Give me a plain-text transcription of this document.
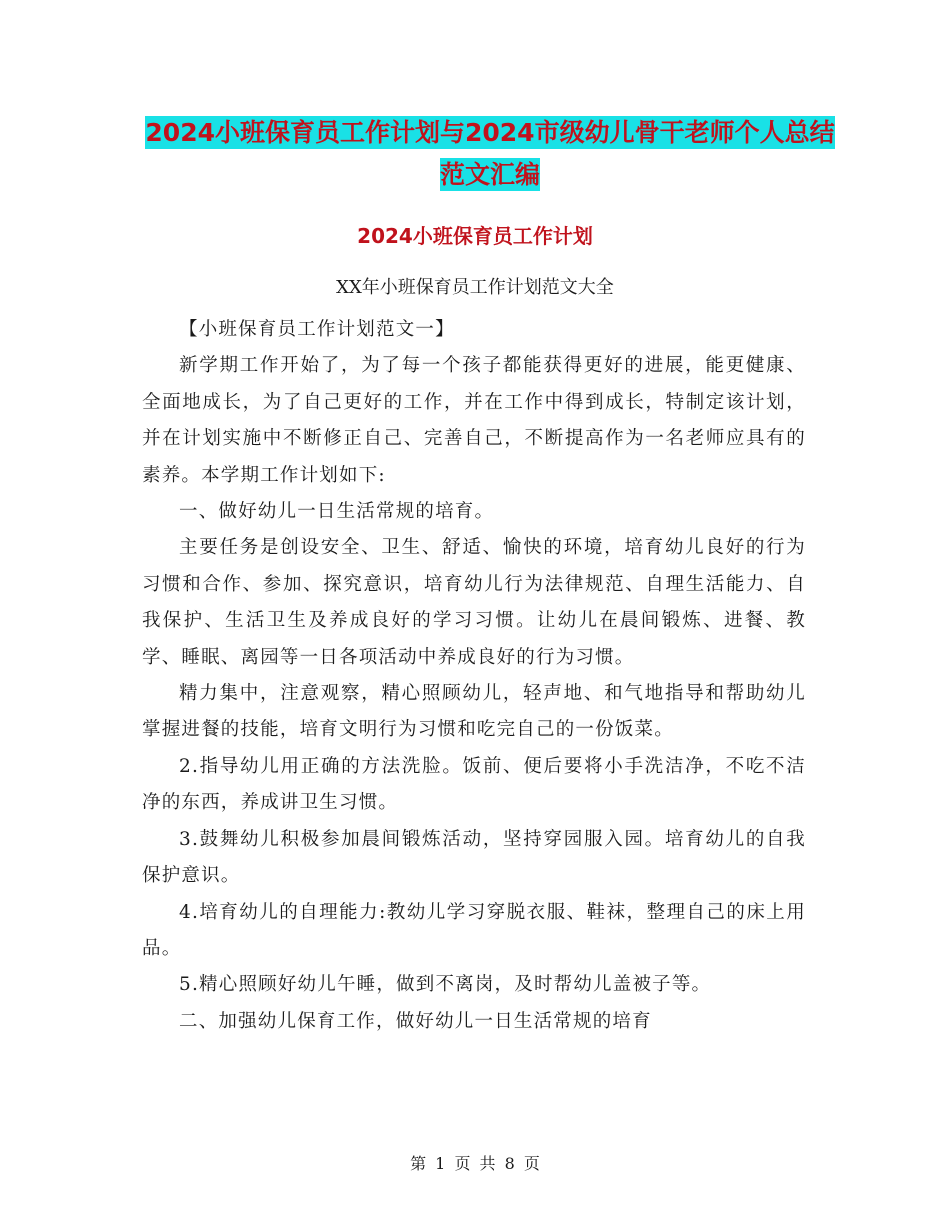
2024小班保育员工作计划与2024市级幼儿骨干老师个人总结范文汇编
2024小班保育员工作计划
XX年小班保育员工作计划范文大全

【小班保育员工作计划范文一】

新学期工作开始了，为了每一个孩子都能获得更好的进展，能更健康、全面地成长，为了自己更好的工作，并在工作中得到成长，特制定该计划，并在计划实施中不断修正自己、完善自己，不断提高作为一名老师应具有的素养。本学期工作计划如下:

一、做好幼儿一日生活常规的培育。

主要任务是创设安全、卫生、舒适、愉快的环境，培育幼儿良好的行为习惯和合作、参加、探究意识，培育幼儿行为法律规范、自理生活能力、自我保护、生活卫生及养成良好的学习习惯。让幼儿在晨间锻炼、进餐、教学、睡眠、离园等一日各项活动中养成良好的行为习惯。

精力集中，注意观察，精心照顾幼儿，轻声地、和气地指导和帮助幼儿掌握进餐的技能，培育文明行为习惯和吃完自己的一份饭菜。

2.指导幼儿用正确的方法洗脸。饭前、便后要将小手洗洁净，不吃不洁净的东西，养成讲卫生习惯。

3.鼓舞幼儿积极参加晨间锻炼活动，坚持穿园服入园。培育幼儿的自我保护意识。

4.培育幼儿的自理能力:教幼儿学习穿脱衣服、鞋袜，整理自己的床上用品。

5.精心照顾好幼儿午睡，做到不离岗，及时帮幼儿盖被子等。

二、加强幼儿保育工作，做好幼儿一日生活常规的培育

第 1 页 共 8 页
